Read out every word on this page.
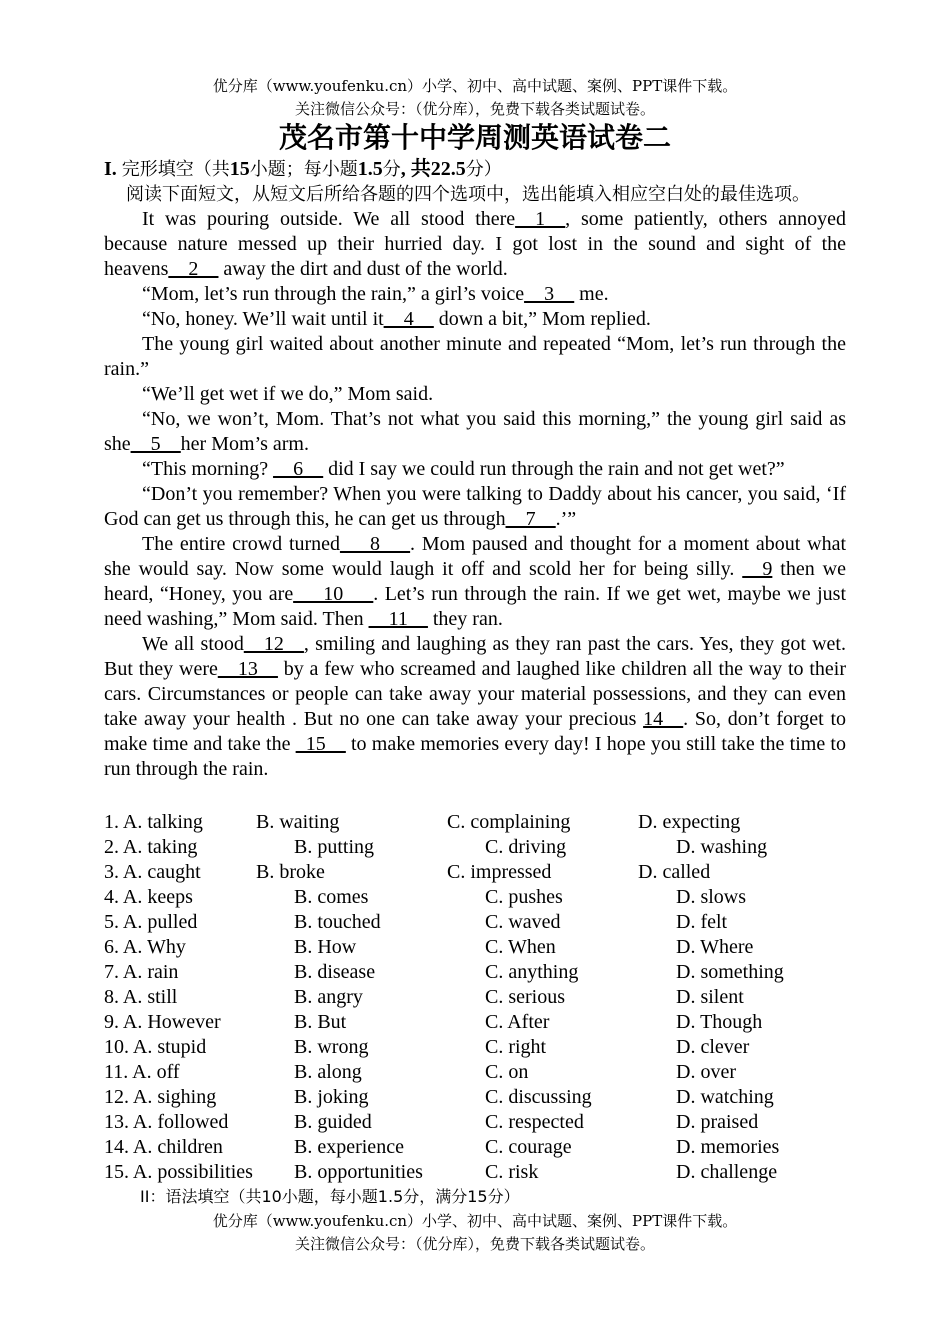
优分库（www.youfenku.cn）小学、初中、高中试题、案例、PPT课件下载。
关注微信公众号：（优分库），免费下载各类试题试卷。
茂名市第十中学周测英语试卷二
I. 完形填空（共15小题；每小题1.5分, 共22.5分）
阅读下面短文，从短文后所给各题的四个选项中，选出能填入相应空白处的最佳选项。

It was pouring outside. We all stood there__1__, some patiently, others annoyed because nature messed up their hurried day. I got lost in the sound and sight of the heavens__2__ away the dirt and dust of the world.

“Mom, let’s run through the rain,” a girl’s voice__3__ me.

“No, honey. We’ll wait until it__4__ down a bit,” Mom replied.

The young girl waited about another minute and repeated “Mom, let’s run through the rain.”

“We’ll get wet if we do,” Mom said.

“No, we won’t, Mom. That’s not what you said this morning,” the young girl said as she__5__her Mom’s arm.

“This morning? __6__ did I say we could run through the rain and not get wet?”

“Don’t you remember? When you were talking to Daddy about his cancer, you said, ‘If God can get us through this, he can get us through__7__.’”

The entire crowd turned___8___. Mom paused and thought for a moment about what she would say. Now some would laugh it off and scold her for being silly. __9 then we heard, “Honey, you are___10___. Let’s run through the rain. If we get wet, maybe we just need washing,” Mom said. Then __11__ they ran.

We all stood__12__, smiling and laughing as they ran past the cars. Yes, they got wet. But they were__13__ by a few who screamed and laughed like children all the way to their cars. Circumstances or people can take away your material possessions, and they can even take away your health . But no one can take away your precious 14__. So, don’t forget to make time and take the _15__ to make memories every day! I hope you still take the time to run through the rain.

1. A. talking	B. waiting	C. complaining	D. expecting
2. A. taking	B. putting	C. driving	D. washing
3. A. caught	B. broke	C. impressed	D. called
4. A. keeps	B. comes	C. pushes	D. slows
5. A. pulled	B. touched	C. waved	D. felt
6. A. Why	B. How	C. When	D. Where
7. A. rain	B. disease	C. anything	D. something
8. A. still	B. angry	C. serious	D. silent
9. A. However	B. But	C. After	D. Though
10. A. stupid	B. wrong	C. right	D. clever
11. A. off	B. along	C. on	D. over
12. A. sighing	B. joking	C. discussing	D. watching
13. A. followed	B. guided	C. respected	D. praised
14. A. children	B. experience	C. courage	D. memories
15. A. possibilities B. opportunities	C. risk	D. challenge
II：语法填空（共10小题，每小题1.5分，满分15分）
优分库（www.youfenku.cn）小学、初中、高中试题、案例、PPT课件下载。
关注微信公众号：（优分库），免费下载各类试题试卷。
